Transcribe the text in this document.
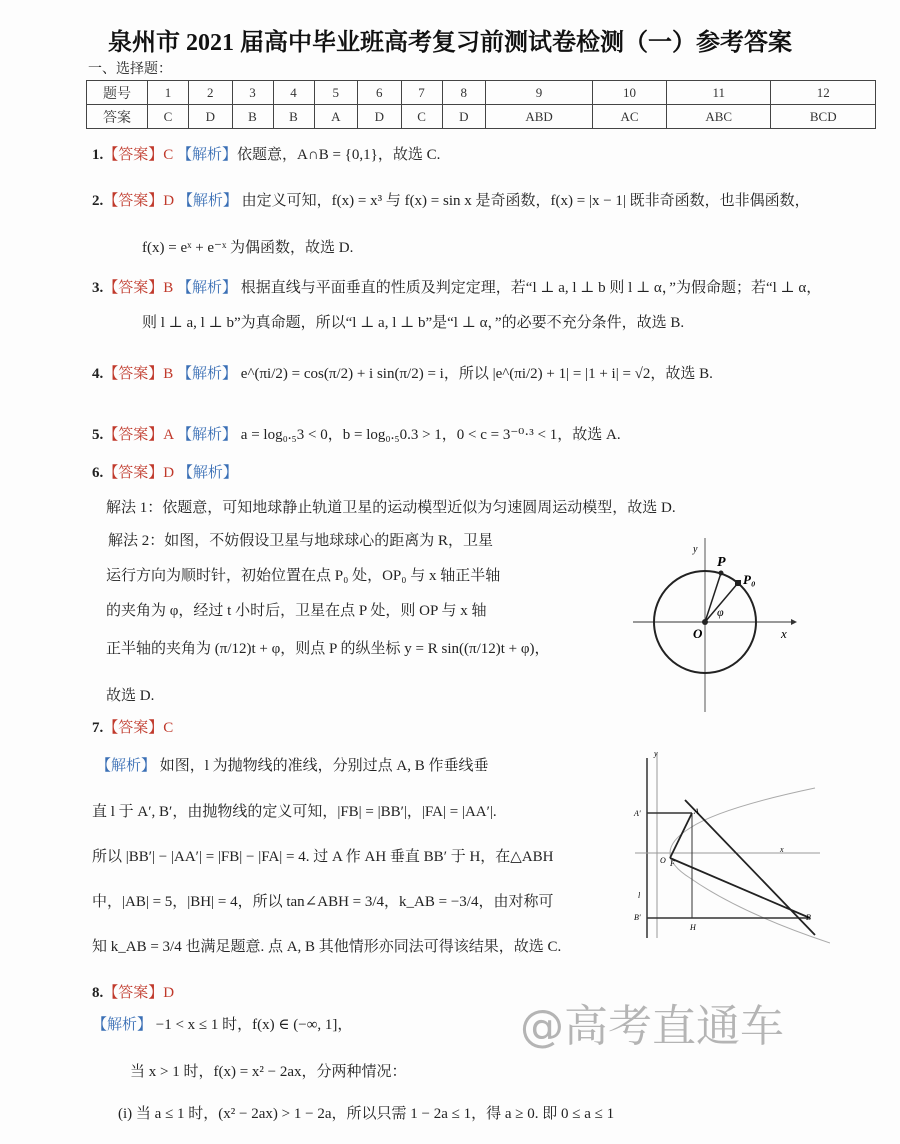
泉州市 2021 届高中毕业班高考复习前测试卷检测（一）参考答案
一、选择题：
题号	1	2	3	4	5	6	7	8	9	10	11	12
答案	C	D	B	B	A	D	C	D	ABD	AC	ABC	BCD
1.【答案】C 【解析】依题意，A∩B = {0,1}，故选 C.
2.【答案】D 【解析】 由定义可知，f(x) = x³ 与 f(x) = sin x 是奇函数，f(x) = |x − 1| 既非奇函数，也非偶函数，
f(x) = eˣ + e⁻ˣ 为偶函数，故选 D.
3.【答案】B 【解析】 根据直线与平面垂直的性质及判定定理，若“l ⊥ a, l ⊥ b 则 l ⊥ α，”为假命题；若“l ⊥ α，
则 l ⊥ a, l ⊥ b”为真命题，所以“l ⊥ a, l ⊥ b”是“l ⊥ α，”的必要不充分条件，故选 B.
4.【答案】B 【解析】 e^(πi/2) = cos(π/2) + i sin(π/2) = i，所以 |e^(πi/2) + 1| = |1 + i| = √2，故选 B.
5.【答案】A 【解析】 a = log₀.₅3 < 0，b = log₀.₅0.3 > 1，0 < c = 3⁻⁰·³ < 1，故选 A.
6.【答案】D 【解析】
解法 1：依题意，可知地球静止轨道卫星的运动模型近似为匀速圆周运动模型，故选 D.
解法 2：如图，不妨假设卫星与地球球心的距离为 R，卫星
运行方向为顺时针，初始位置在点 P₀ 处，OP₀ 与 x 轴正半轴
的夹角为 φ，经过 t 小时后，卫星在点 P 处，则 OP 与 x 轴
正半轴的夹角为 (π/12)t + φ，则点 P 的纵坐标 y = R sin((π/12)t + φ)，
故选 D.
y
P
P₀
φ
O	x
7.【答案】C
【解析】 如图，l 为抛物线的准线，分别过点 A, B 作垂线垂
直 l 于 A′, B′，由抛物线的定义可知，|FB| = |BB′|，|FA| = |AA′|.
所以 |BB′| − |AA′| = |FB| − |FA| = 4. 过 A 作 AH 垂直 BB′ 于 H，在△ABH
中，|AB| = 5，|BH| = 4，所以 tan∠ABH = 3/4，k_AB = −3/4，由对称可
知 k_AB = 3/4 也满足题意. 点 A, B 其他情形亦同法可得该结果，故选 C.
y
A′	A
O F
x
l
B′
H
B
8.【答案】D
【解析】 −1 < x ≤ 1 时，f(x) ∈ (−∞, 1]，
当 x > 1 时，f(x) = x² − 2ax，分两种情况：
(i) 当 a ≤ 1 时，(x² − 2ax) > 1 − 2a，所以只需 1 − 2a ≤ 1，得 a ≥ 0. 即 0 ≤ a ≤ 1
@高考直通车
